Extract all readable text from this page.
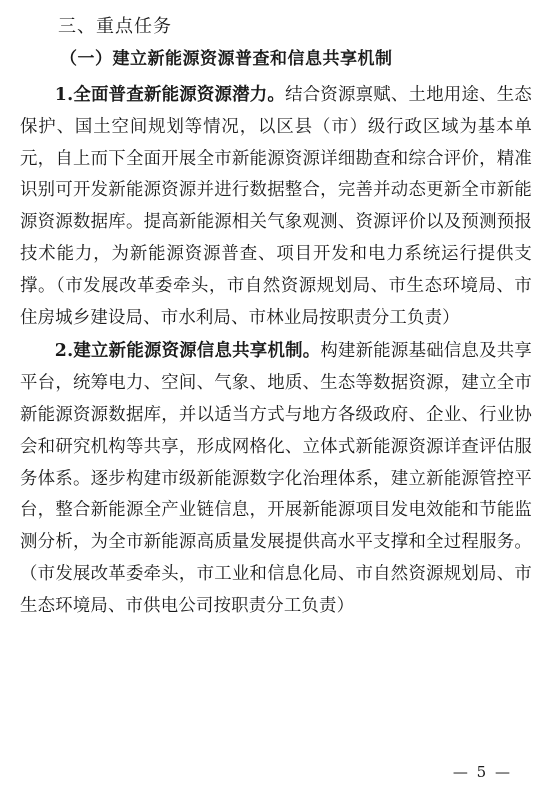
三、重点任务
（一）建立新能源资源普查和信息共享机制

1.全面普查新能源资源潜力。结合资源禀赋、土地用途、生态保护、国土空间规划等情况，以区县（市）级行政区域为基本单元，自上而下全面开展全市新能源资源详细勘查和综合评价，精准识别可开发新能源资源并进行数据整合，完善并动态更新全市新能源资源数据库。提高新能源相关气象观测、资源评价以及预测预报技术能力，为新能源资源普查、项目开发和电力系统运行提供支撑。（市发展改革委牵头，市自然资源规划局、市生态环境局、市住房城乡建设局、市水利局、市林业局按职责分工负责）

2.建立新能源资源信息共享机制。构建新能源基础信息及共享平台，统筹电力、空间、气象、地质、生态等数据资源，建立全市新能源资源数据库，并以适当方式与地方各级政府、企业、行业协会和研究机构等共享，形成网格化、立体式新能源资源详查评估服务体系。逐步构建市级新能源数字化治理体系，建立新能源管控平台，整合新能源全产业链信息，开展新能源项目发电效能和节能监测分析，为全市新能源高质量发展提供高水平支撑和全过程服务。（市发展改革委牵头，市工业和信息化局、市自然资源规划局、市生态环境局、市供电公司按职责分工负责）

— 5 —
